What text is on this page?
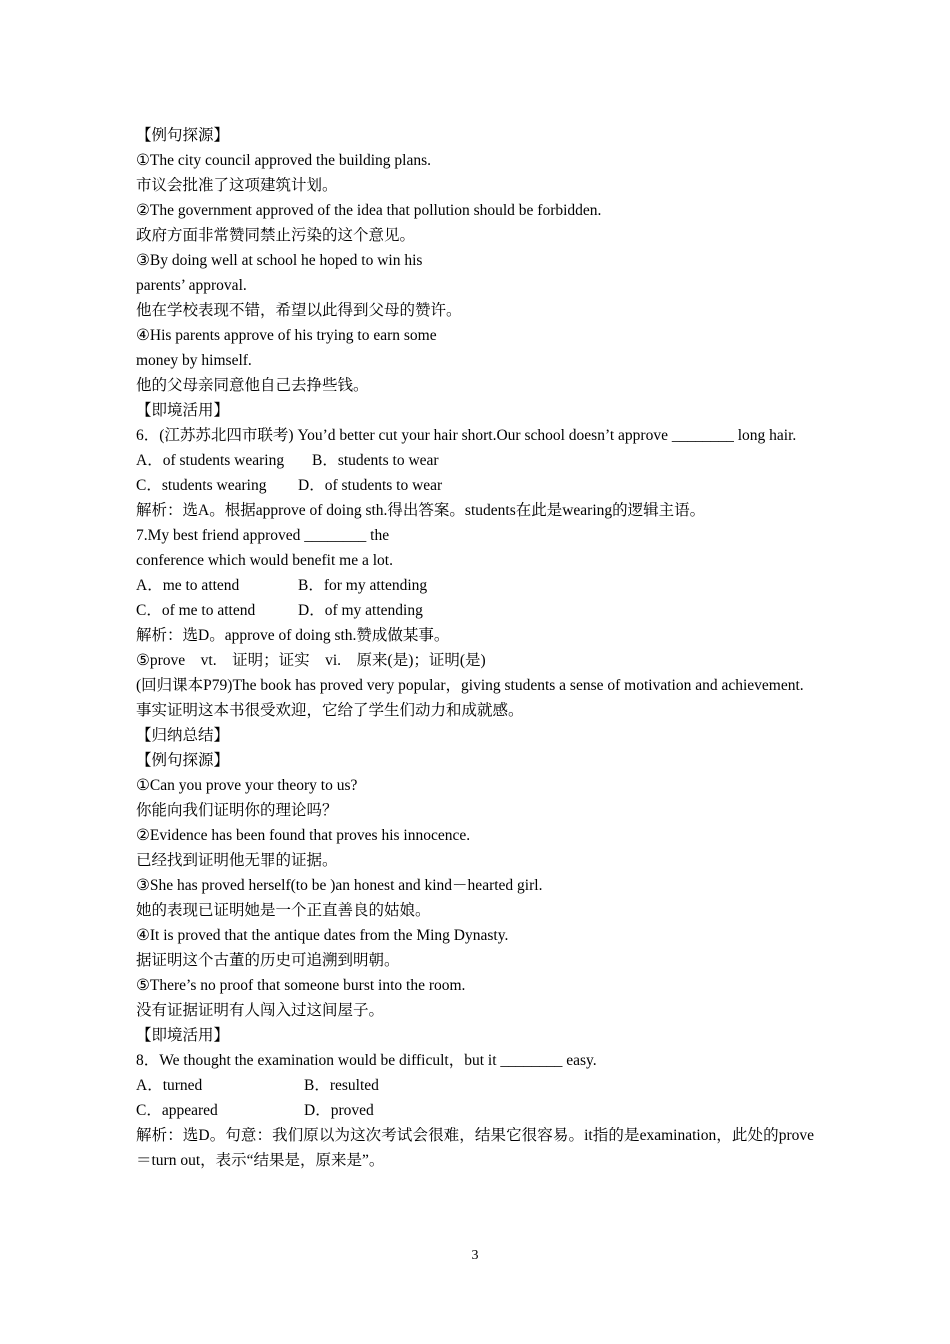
【例句探源】
①The city council approved the building plans.
市议会批准了这项建筑计划。
②The government approved of the idea that pollution should be forbidden.
政府方面非常赞同禁止污染的这个意见。
③By doing well at school he hoped to win his
parents’ approval.
他在学校表现不错，希望以此得到父母的赞许。
④His parents approve of his trying to earn some
money by himself.
他的父母亲同意他自己去挣些钱。
【即境活用】
6．(江苏苏北四市联考) You’d better cut your hair short.Our school doesn’t approve ________ long hair.
A．of students wearing B．students to wear
C．students wearing D．of students to wear
解析：选A。根据approve of doing sth.得出答案。students在此是wearing的逻辑主语。
7.My best friend approved ________ the
conference which would benefit me a lot.
A．me to attend	B．for my attending
C．of me to attend	D．of my attending
解析：选D。approve of doing sth.赞成做某事。
⑤prove　vt.　证明；证实　vi.　原来(是)；证明(是)
(回归课本P79)The book has proved very popular，giving students a sense of motivation and achievement.
事实证明这本书很受欢迎，它给了学生们动力和成就感。
【归纳总结】
【例句探源】
①Can you prove your theory to us?
你能向我们证明你的理论吗？
②Evidence has been found that proves his innocence.
已经找到证明他无罪的证据。
③She has proved herself(to be )an honest and kind－hearted girl.
她的表现已证明她是一个正直善良的姑娘。
④It is proved that the antique dates from the Ming Dynasty.
据证明这个古董的历史可追溯到明朝。
⑤There’s no proof that someone burst into the room.
没有证据证明有人闯入过这间屋子。
【即境活用】
8．We thought the examination would be difficult，but it ________ easy.
A．turned	B．resulted
C．appeared	D．proved
解析：选D。句意：我们原以为这次考试会很难，结果它很容易。it指的是examination，此处的prove＝turn out，表示“结果是，原来是”。
3
